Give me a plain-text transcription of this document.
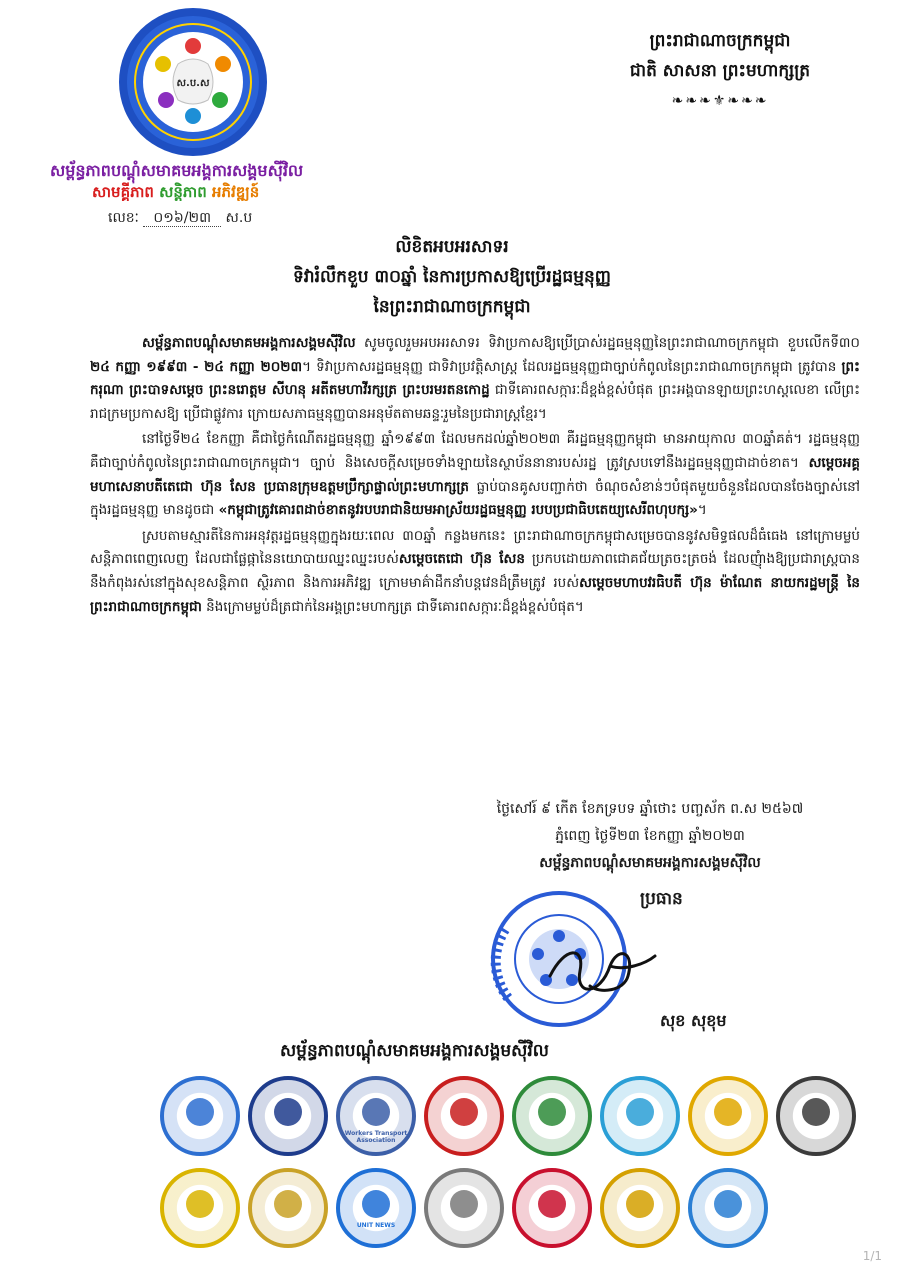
ស.ប.ស
សម្ព័ន្ធភាពបណ្តុំសមាគមអង្គការសង្គមស៊ីវិល
សាមគ្គីភាព សន្តិភាព អភិវឌ្ឍន៍
លេខៈ ០១៦/២៣ ស.ប
ព្រះរាជាណាចក្រកម្ពុជា
ជាតិ សាសនា ព្រះមហាក្សត្រ
❧❧❧⚜❧❧❧
លិខិតអបអរសាទរ
ទិវារំលឹកខួប ៣០ឆ្នាំ នៃការប្រកាសឱ្យប្រើរដ្ឋធម្មនុញ្ញ
នៃព្រះរាជាណាចក្រកម្ពុជា

សម្ព័ន្ធភាពបណ្តុំសមាគមអង្គការសង្គមស៊ីវិល សូមចូលរួមអបអរសាទរ ទិវាប្រកាសឱ្យប្រើប្រាស់រដ្ឋធម្មនុញ្ញនៃព្រះរាជាណាចក្រកម្ពុជា ខួបលើកទី៣០ ២៤ កញ្ញា ១៩៩៣ - ២៤ កញ្ញា ២០២៣។ ទិវាប្រកាសរដ្ឋធម្មនុញ្ញ ជាទិវាប្រវត្តិសាស្ត្រ ដែលរដ្ឋធម្មនុញ្ញជាច្បាប់កំពូលនៃព្រះរាជាណាចក្រកម្ពុជា ត្រូវបាន ព្រះករុណា ព្រះបាទសម្តេច ព្រះនរោត្តម សីហនុ អតីតមហាវីរក្សត្រ ព្រះបរមរតនកោដ្ឋ ជាទីគោរពសក្ការៈដ៏ខ្ពង់ខ្ពស់បំផុត ព្រះអង្គបានឡាយព្រះហស្តលេខា លើព្រះរាជក្រមប្រកាសឱ្យ ប្រើជាផ្លូវការ ក្រោយសភាធម្មនុញ្ញបានអនុម័តតាមឆន្ទៈរួមនៃប្រជារាស្ត្រខ្មែរ។

នៅថ្ងៃទី២៤ ខែកញ្ញា គឺជាថ្ងៃកំណើតរដ្ឋធម្មនុញ្ញ ឆ្នាំ១៩៩៣ ដែលមកដល់ឆ្នាំ២០២៣ គឺរដ្ឋធម្មនុញ្ញកម្ពុជា មានអាយុកាល ៣០ឆ្នាំគត់។ រដ្ឋធម្មនុញ្ញ គឺជាច្បាប់កំពូលនៃព្រះរាជាណាចក្រកម្ពុជា។ ច្បាប់ និងសេចក្តីសម្រេចទាំងឡាយនៃស្ថាប័ននានារបស់រដ្ឋ ត្រូវស្របទៅនឹងរដ្ឋធម្មនុញ្ញជាដាច់ខាត។ សម្តេចអគ្គមហាសេនាបតីតេជោ ហ៊ុន សែន ប្រធានក្រុមឧត្តមប្រឹក្សាផ្ទាល់ព្រះមហាក្សត្រ ធ្លាប់បានគូសបញ្ជាក់ថា ចំណុចសំខាន់ៗបំផុតមួយចំនួនដែលបានចែងច្បាស់នៅក្នុងរដ្ឋធម្មនុញ្ញ មានដូចជា «កម្ពុជាត្រូវគោរពដាច់ខាតនូវរបបរាជានិយមអាស្រ័យរដ្ឋធម្មនុញ្ញ របបប្រជាធិបតេយ្យសេរីពហុបក្ស»។

ស្របតាមស្មារតីនៃការអនុវត្តរដ្ឋធម្មនុញ្ញក្នុងរយៈពេល ៣០ឆ្នាំ កន្លងមកនេះ ព្រះរាជាណាចក្រកម្ពុជាសម្រេចបាននូវសមិទ្ធផលដ៏ធំធេង នៅក្រោមម្លប់សន្តិភាពពេញលេញ ដែលជាផ្លែផ្កានៃនយោបាយឈ្នះឈ្នះរបស់សម្តេចតេជោ ហ៊ុន សែន ប្រកបដោយភាពជោគជ័យត្រចះត្រចង់ ដែលញុំាងឱ្យប្រជារាស្ត្របាននឹងកំពុងរស់នៅក្នុងសុខសន្តិភាព ស្ថិរភាព និងការអភិវឌ្ឍ ក្រោមមាគ៌ាដឹកនាំបន្តវេនដ៏ត្រឹមត្រូវ របស់សម្តេចមហាបវរធិបតី ហ៊ុន ម៉ាណែត នាយករដ្ឋមន្ត្រី នៃព្រះរាជាណាចក្រកម្ពុជា និងក្រោមម្លប់ដ៏ត្រជាក់នៃអង្គព្រះមហាក្សត្រ ជាទីគោរពសក្ការៈដ៏ខ្ពង់ខ្ពស់បំផុត។

ថ្ងៃសៅរ៍ ៩ កើត ខែភទ្របទ ឆ្នាំថោះ បញ្ចស័ក ព.ស ២៥៦៧
ភ្នំពេញ ថ្ងៃទី២៣ ខែកញ្ញា ឆ្នាំ២០២៣
សម្ព័ន្ធភាពបណ្តុំសមាគមអង្គការសង្គមស៊ីវិល
ប្រធាន
សុខ សុខុម
សម្ព័ន្ធភាពបណ្តុំសមាគមអង្គការសង្គមស៊ីវិល
Workers Transport Association
UNIT NEWS
1/1
